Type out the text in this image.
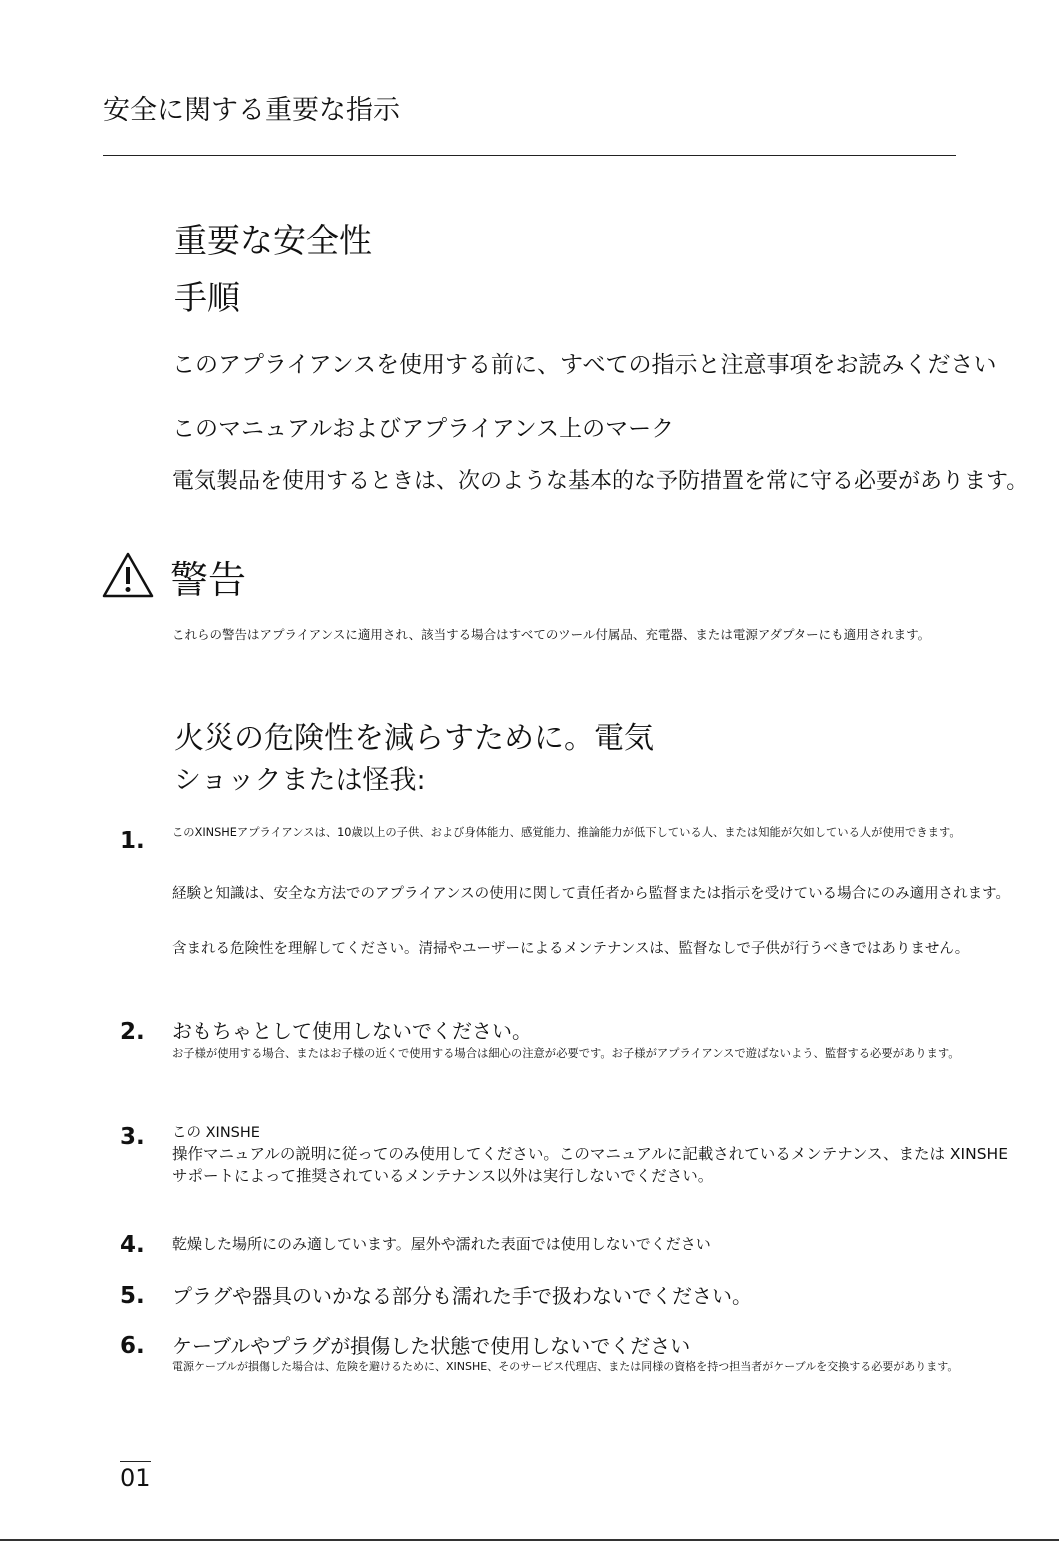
安全に関する重要な指示
重要な安全性
手順
このアプライアンスを使用する前に、すべての指示と注意事項をお読みください
このマニュアルおよびアプライアンス上のマーク
電気製品を使用するときは、次のような基本的な予防措置を常に守る必要があります。
警告
これらの警告はアプライアンスに適用され、該当する場合はすべてのツール付属品、充電器、または電源アダプターにも適用されます。
火災の危険性を減らすために。電気
ショックまたは怪我:
1. このXINSHEアプライアンスは、10歳以上の子供、および身体能力、感覚能力、推論能力が低下している人、または知能が欠如している人が使用できます。
経験と知識は、安全な方法でのアプライアンスの使用に関して責任者から監督または指示を受けている場合にのみ適用されます。
含まれる危険性を理解してください。清掃やユーザーによるメンテナンスは、監督なしで子供が行うべきではありません。
2. おもちゃとして使用しないでください。
お子様が使用する場合、またはお子様の近くで使用する場合は細心の注意が必要です。お子様がアプライアンスで遊ばないよう、監督する必要があります。
3. この XINSHE
操作マニュアルの説明に従ってのみ使用してください。このマニュアルに記載されているメンテナンス、または XINSHE
サポートによって推奨されているメンテナンス以外は実行しないでください。
4. 乾燥した場所にのみ適しています。屋外や濡れた表面では使用しないでください
5. プラグや器具のいかなる部分も濡れた手で扱わないでください。
6. ケーブルやプラグが損傷した状態で使用しないでください
電源ケーブルが損傷した場合は、危険を避けるために、XINSHE、そのサービス代理店、または同様の資格を持つ担当者がケーブルを交換する必要があります。
01
